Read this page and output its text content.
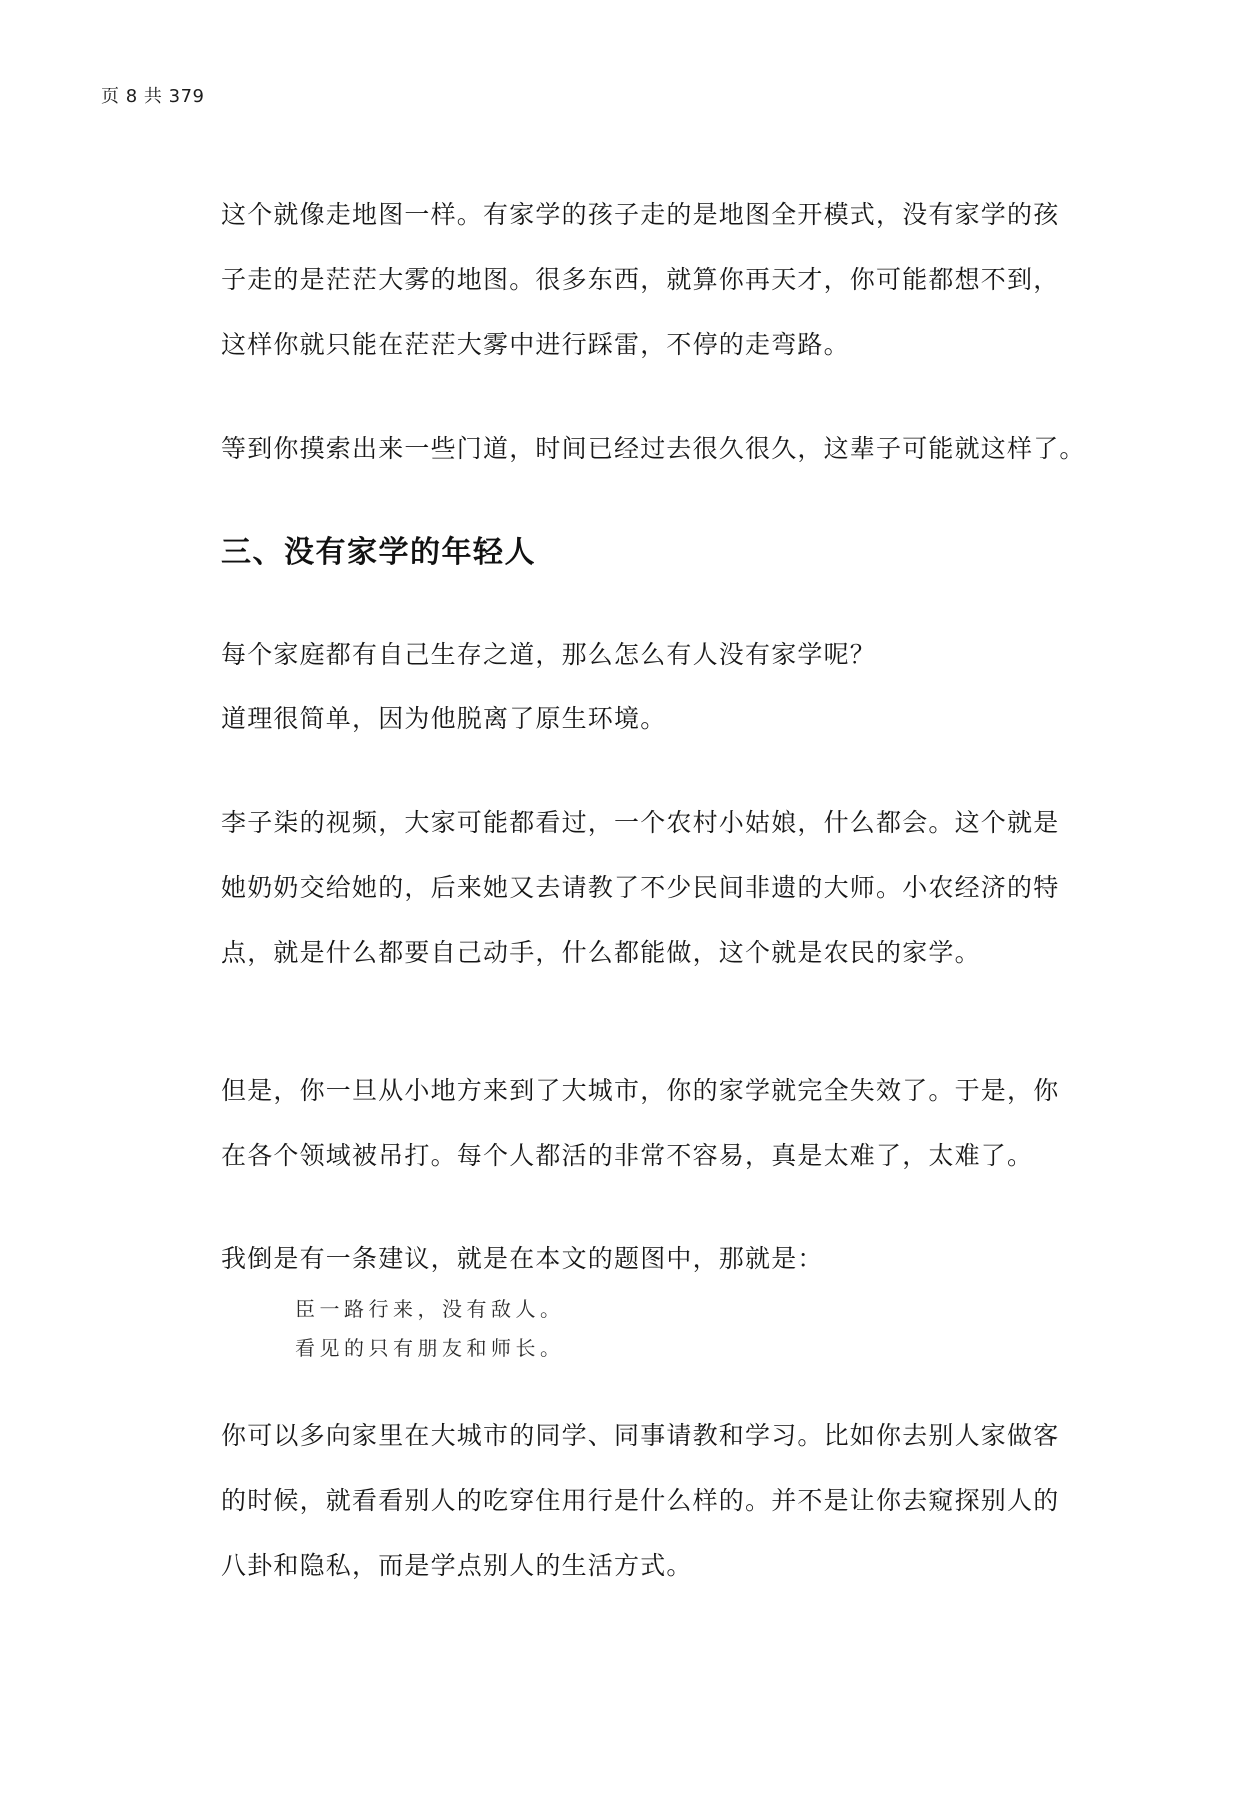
页 8 共 379
这个就像走地图一样。有家学的孩子走的是地图全开模式，没有家学的孩
子走的是茫茫大雾的地图。很多东西，就算你再天才，你可能都想不到，
这样你就只能在茫茫大雾中进行踩雷，不停的走弯路。
等到你摸索出来一些门道，时间已经过去很久很久，这辈子可能就这样了。
三、没有家学的年轻人
每个家庭都有自己生存之道，那么怎么有人没有家学呢？
道理很简单，因为他脱离了原生环境。
李子柒的视频，大家可能都看过，一个农村小姑娘，什么都会。这个就是
她奶奶交给她的，后来她又去请教了不少民间非遗的大师。小农经济的特
点，就是什么都要自己动手，什么都能做，这个就是农民的家学。
但是，你一旦从小地方来到了大城市，你的家学就完全失效了。于是，你
在各个领域被吊打。每个人都活的非常不容易，真是太难了，太难了。
我倒是有一条建议，就是在本文的题图中，那就是：
臣一路行来，没有敌人。
看见的只有朋友和师长。
你可以多向家里在大城市的同学、同事请教和学习。比如你去别人家做客
的时候，就看看别人的吃穿住用行是什么样的。并不是让你去窥探别人的
八卦和隐私，而是学点别人的生活方式。
